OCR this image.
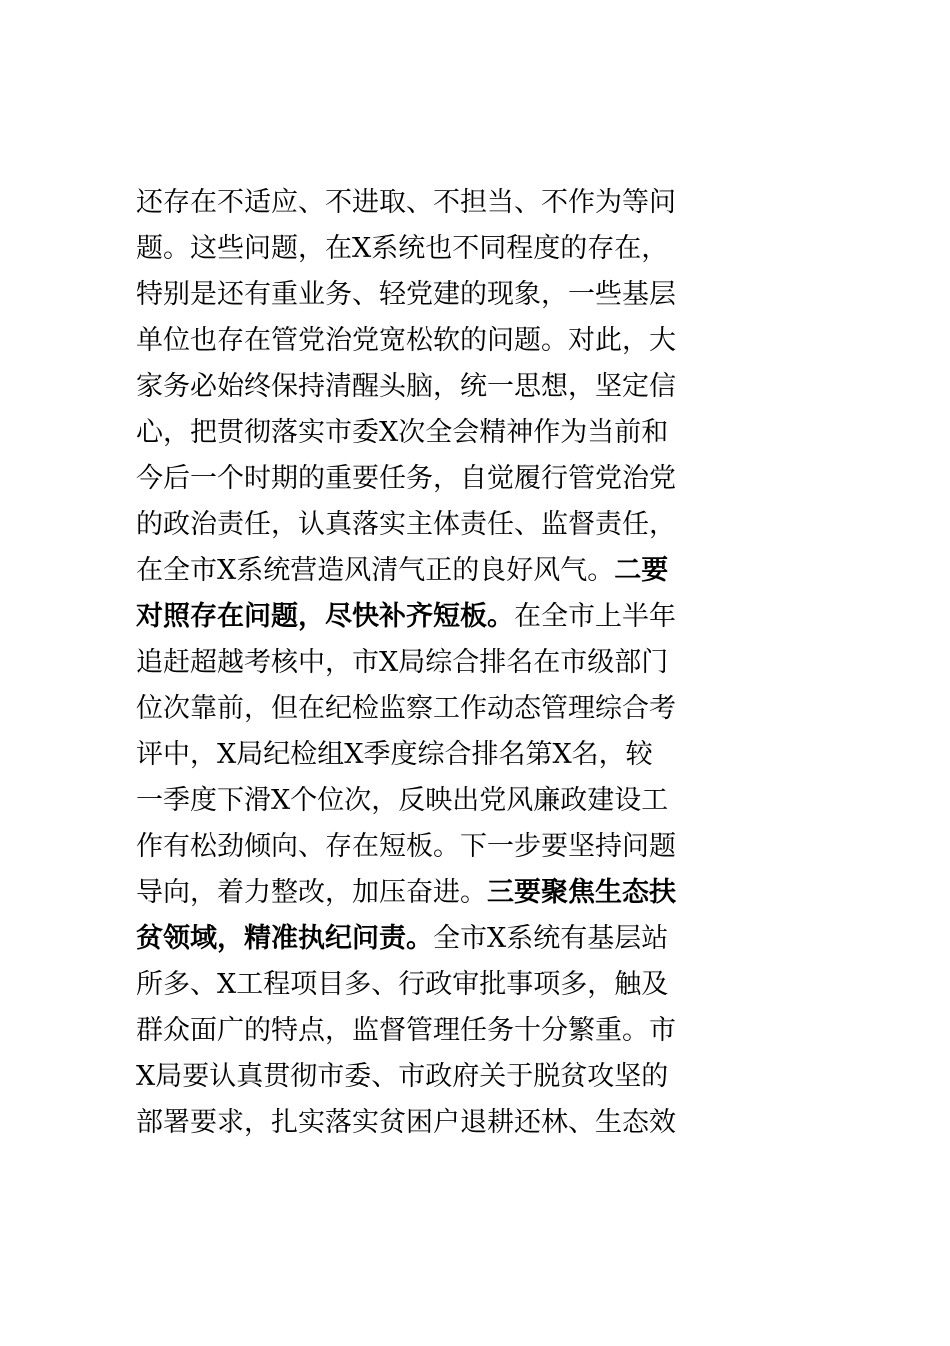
还存在不适应、不进取、不担当、不作为等问
题。这些问题，在X系统也不同程度的存在，
特别是还有重业务、轻党建的现象，一些基层
单位也存在管党治党宽松软的问题。对此，大
家务必始终保持清醒头脑，统一思想，坚定信
心，把贯彻落实市委X次全会精神作为当前和
今后一个时期的重要任务，自觉履行管党治党
的政治责任，认真落实主体责任、监督责任，
在全市X系统营造风清气正的良好风气。二要
对照存在问题，尽快补齐短板。在全市上半年
追赶超越考核中，市X局综合排名在市级部门
位次靠前，但在纪检监察工作动态管理综合考
评中，X局纪检组X季度综合排名第X名，较
一季度下滑X个位次，反映出党风廉政建设工
作有松劲倾向、存在短板。下一步要坚持问题
导向，着力整改，加压奋进。三要聚焦生态扶
贫领域，精准执纪问责。全市X系统有基层站
所多、X工程项目多、行政审批事项多，触及
群众面广的特点，监督管理任务十分繁重。市
X局要认真贯彻市委、市政府关于脱贫攻坚的
部署要求，扎实落实贫困户退耕还林、生态效
